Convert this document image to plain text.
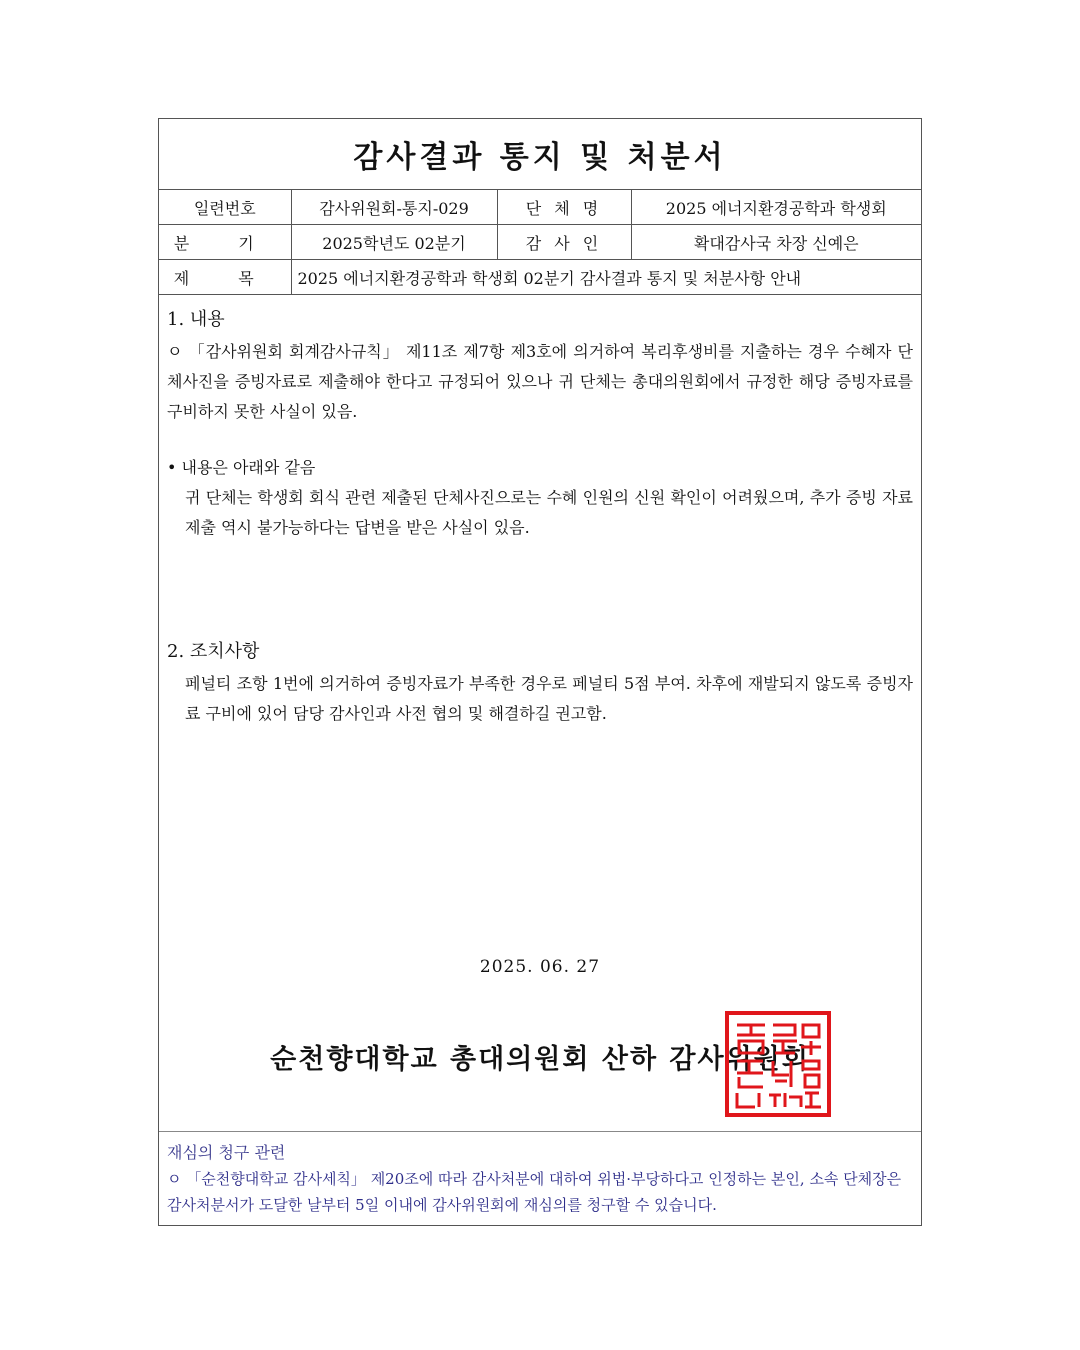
감사결과 통지 및 처분서
일련번호	감사위원회-통지-029	단 체 명	2025 에너지환경공학과 학생회
분 기	2025학년도 02분기	감 사 인	확대감사국 차장 신예은
제 목	2025 에너지환경공학과 학생회 02분기 감사결과 통지 및 처분사항 안내		
1. 내용
ㅇ 「감사위원회 회계감사규칙」 제11조 제7항 제3호에 의거하여 복리후생비를 지출하는 경우 수혜자 단체사진을 증빙자료로 제출해야 한다고 규정되어 있으나 귀 단체는 총대의원회에서 규정한 해당 증빙자료를 구비하지 못한 사실이 있음.
• 내용은 아래와 같음
귀 단체는 학생회 회식 관련 제출된 단체사진으로는 수혜 인원의 신원 확인이 어려웠으며, 추가 증빙 자료 제출 역시 불가능하다는 답변을 받은 사실이 있음.
2. 조치사항
페널티 조항 1번에 의거하여 증빙자료가 부족한 경우로 페널티 5점 부여. 차후에 재발되지 않도록 증빙자료 구비에 있어 담당 감사인과 사전 협의 및 해결하길 권고함.
2025. 06. 27
순천향대학교 총대의원회 산하 감사위원회
재심의 청구 관련
ㅇ 「순천향대학교 감사세칙」 제20조에 따라 감사처분에 대하여 위법·부당하다고 인정하는 본인, 소속 단체장은 감사처분서가 도달한 날부터 5일 이내에 감사위원회에 재심의를 청구할 수 있습니다.
